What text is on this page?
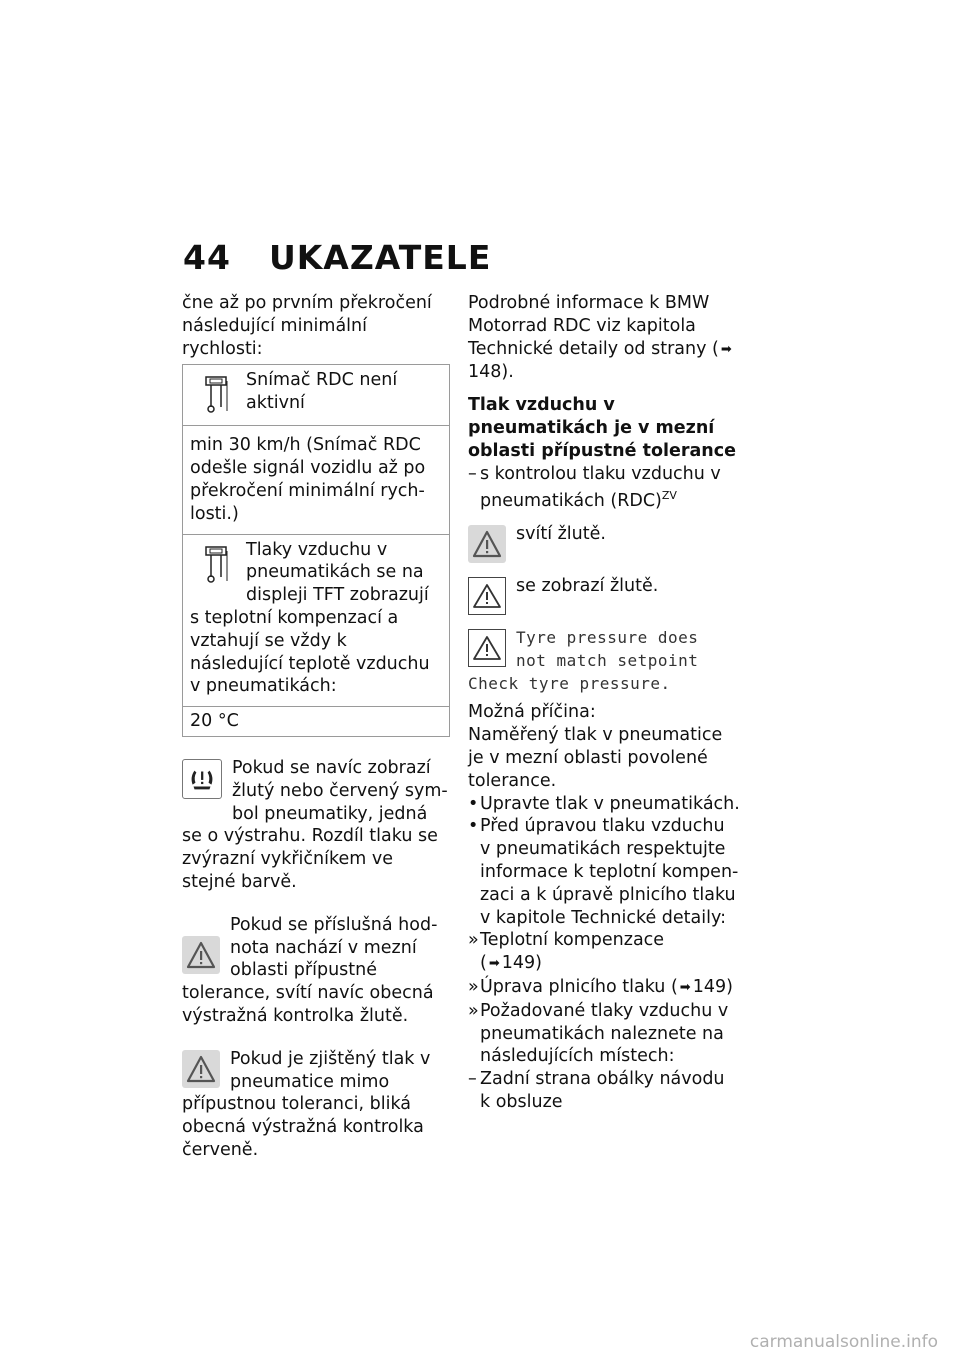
44 UKAZATELE

čne až po prvním překročení následující minimální rychlosti:

Snímač RDC není aktivní
min 30 km/h (Snímač RDC odešle signál vozidlu až po překročení minimální rychlosti.)
Tlaky vzduchu v pneumatikách se na displeji TFT zobrazují s teplotní kompenzací a vztahují se vždy k následující teplotě vzduchu v pneumatikách:
20 °C

Pokud se navíc zobrazí žlutý nebo červený symbol pneumatiky, jedná se o výstrahu. Rozdíl tlaku se zvýrazní vykřičníkem ve stejné barvě.

Pokud se příslušná hodnota nachází v mezní oblasti přípustné tolerance, svítí navíc obecná výstražná kontrolka žlutě.

Pokud je zjištěný tlak v pneumatice mimo přípustnou toleranci, bliká obecná výstražná kontrolka červeně.

Podrobné informace k BMW Motorrad RDC viz kapitola Technické detaily od strany ( ➡148).

Tlak vzduchu v pneumatikách je v mezní oblasti přípustné tolerance

– s kontrolou tlaku vzduchu v pneumatikách (RDC)$^{ZV}$

svítí žlutě.

se zobrazí žlutě.

Tyre pressure does
not match setpoint
Check tyre pressure.

Možná příčina:

Naměřený tlak v pneumatice je v mezní oblasti povolené tolerance.

• Upravte tlak v pneumatikách.
• Před úpravou tlaku vzduchu v pneumatikách respektujte informace k teplotní kompenzaci a k úpravě plnicího tlaku v kapitole Technické detaily:
» Teplotní kompenzace
( ➡ 149)
» Úprava plnicího tlaku ( ➡ 149)
» Požadované tlaky vzduchu v pneumatikách naleznete na následujících místech:
– Zadní strana obálky návodu k obsluze
carmanualsonline.info
